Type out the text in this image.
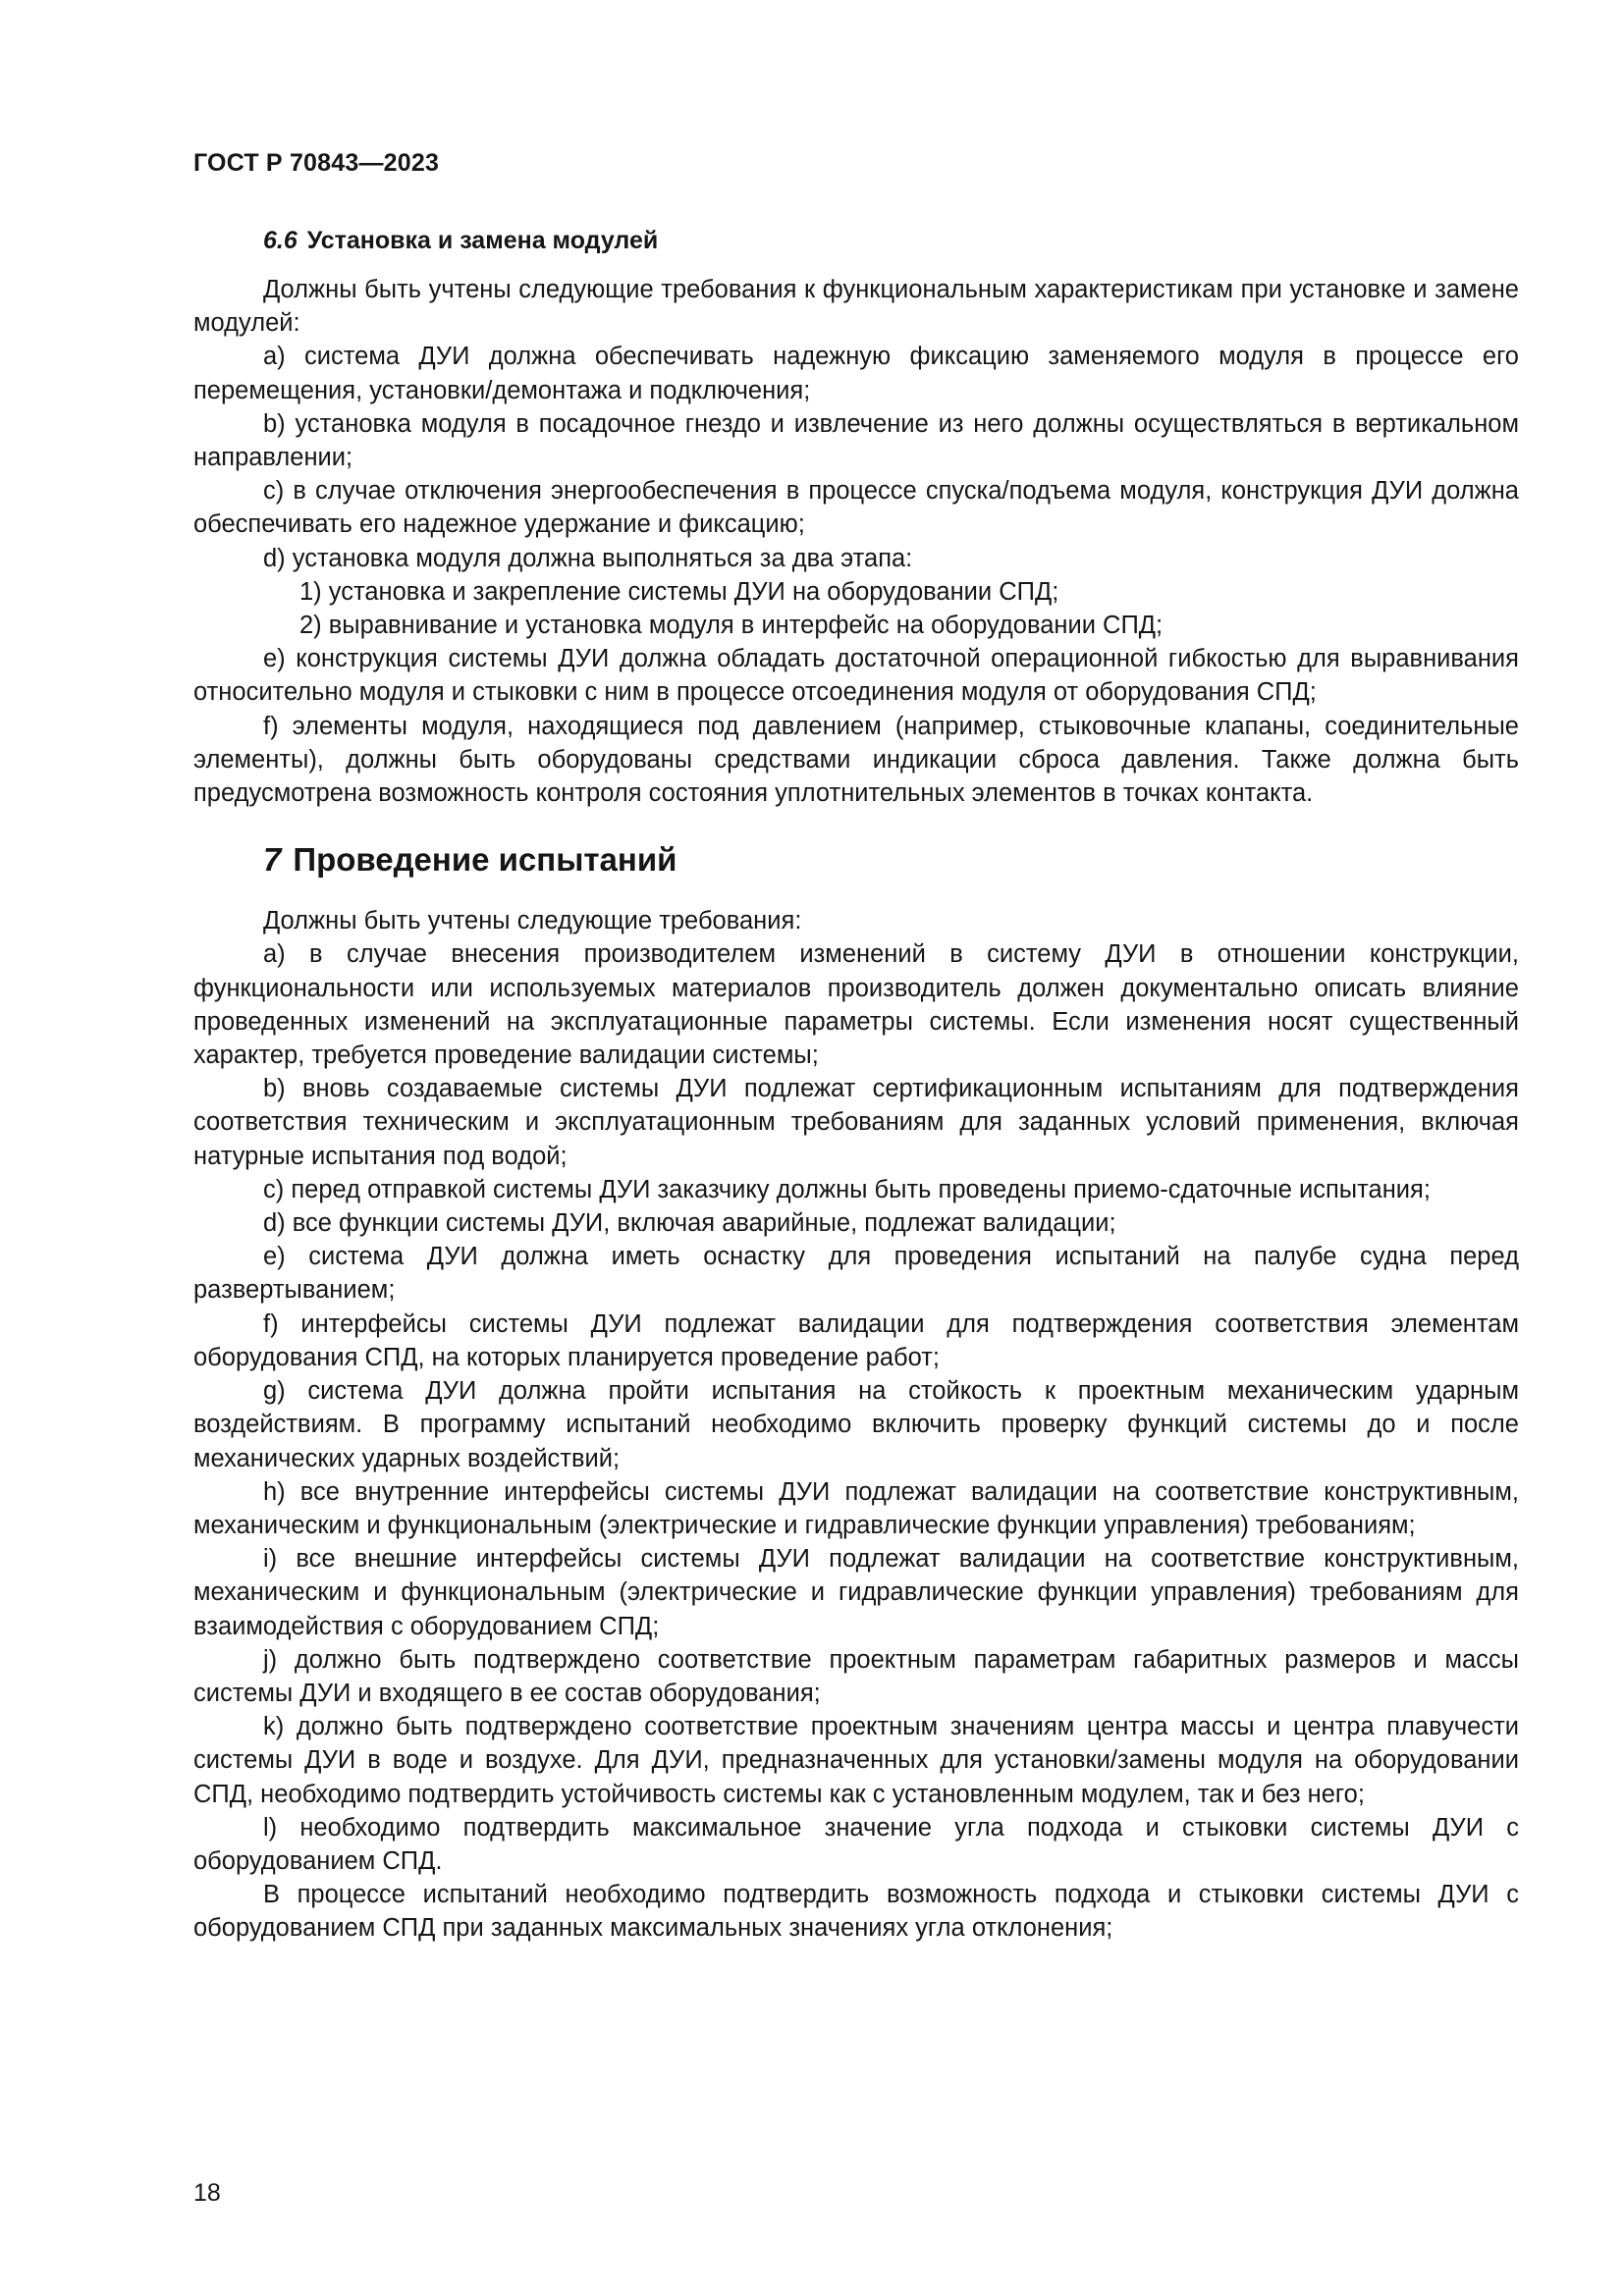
ГОСТ Р 70843—2023
6.6 Установка и замена модулей

Должны быть учтены следующие требования к функциональным характеристикам при установке и замене модулей:

a) система ДУИ должна обеспечивать надежную фиксацию заменяемого модуля в процессе его перемещения, установки/демонтажа и подключения;

b) установка модуля в посадочное гнездо и извлечение из него должны осуществляться в вертикальном направлении;

c) в случае отключения энергообеспечения в процессе спуска/подъема модуля, конструкция ДУИ должна обеспечивать его надежное удержание и фиксацию;

d) установка модуля должна выполняться за два этапа:

1) установка и закрепление системы ДУИ на оборудовании СПД;

2) выравнивание и установка модуля в интерфейс на оборудовании СПД;

e) конструкция системы ДУИ должна обладать достаточной операционной гибкостью для выравнивания относительно модуля и стыковки с ним в процессе отсоединения модуля от оборудования СПД;

f) элементы модуля, находящиеся под давлением (например, стыковочные клапаны, соединительные элементы), должны быть оборудованы средствами индикации сброса давления. Также должна быть предусмотрена возможность контроля состояния уплотнительных элементов в точках контакта.

7 Проведение испытаний

Должны быть учтены следующие требования:

a) в случае внесения производителем изменений в систему ДУИ в отношении конструкции, функциональности или используемых материалов производитель должен документально описать влияние проведенных изменений на эксплуатационные параметры системы. Если изменения носят существенный характер, требуется проведение валидации системы;

b) вновь создаваемые системы ДУИ подлежат сертификационным испытаниям для подтверждения соответствия техническим и эксплуатационным требованиям для заданных условий применения, включая натурные испытания под водой;

c) перед отправкой системы ДУИ заказчику должны быть проведены приемо-сдаточные испытания;

d) все функции системы ДУИ, включая аварийные, подлежат валидации;

e) система ДУИ должна иметь оснастку для проведения испытаний на палубе судна перед развертыванием;

f) интерфейсы системы ДУИ подлежат валидации для подтверждения соответствия элементам оборудования СПД, на которых планируется проведение работ;

g) система ДУИ должна пройти испытания на стойкость к проектным механическим ударным воздействиям. В программу испытаний необходимо включить проверку функций системы до и после механических ударных воздействий;

h) все внутренние интерфейсы системы ДУИ подлежат валидации на соответствие конструктивным, механическим и функциональным (электрические и гидравлические функции управления) требованиям;

i) все внешние интерфейсы системы ДУИ подлежат валидации на соответствие конструктивным, механическим и функциональным (электрические и гидравлические функции управления) требованиям для взаимодействия с оборудованием СПД;

j) должно быть подтверждено соответствие проектным параметрам габаритных размеров и массы системы ДУИ и входящего в ее состав оборудования;

k) должно быть подтверждено соответствие проектным значениям центра массы и центра плавучести системы ДУИ в воде и воздухе. Для ДУИ, предназначенных для установки/замены модуля на оборудовании СПД, необходимо подтвердить устойчивость системы как с установленным модулем, так и без него;

l) необходимо подтвердить максимальное значение угла подхода и стыковки системы ДУИ с оборудованием СПД.

В процессе испытаний необходимо подтвердить возможность подхода и стыковки системы ДУИ с оборудованием СПД при заданных максимальных значениях угла отклонения;

18
